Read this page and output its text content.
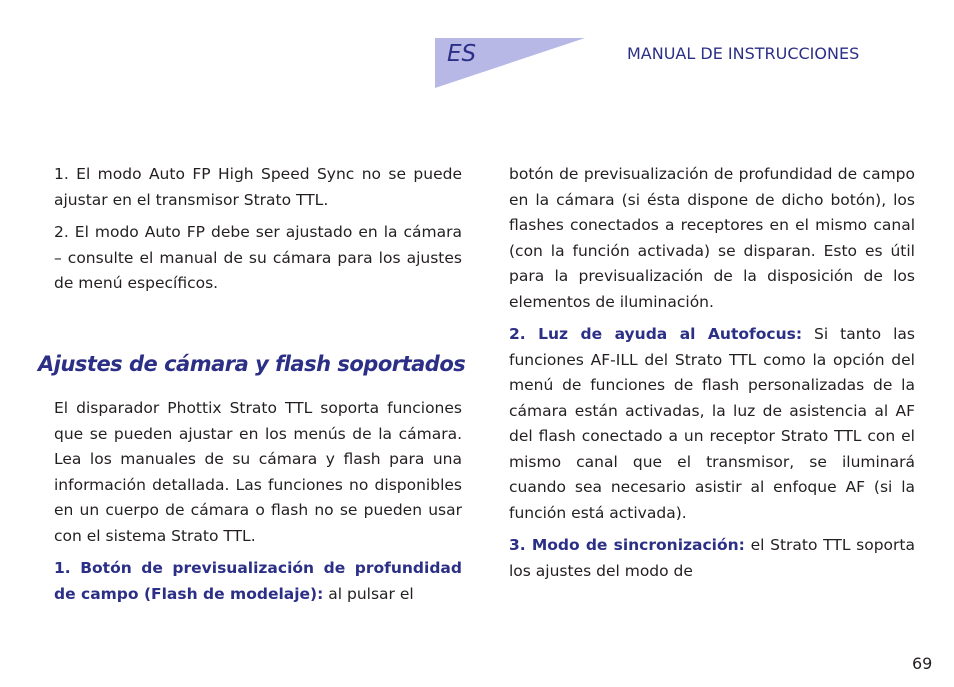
ES	MANUAL DE INSTRUCCIONES

1. El modo Auto FP High Speed Sync no se puede ajustar en el transmisor Strato TTL.

2. El modo Auto FP debe ser ajustado en la cámara – consulte el manual de su cámara para los ajustes de menú específicos.

Ajustes de cámara y flash soportados

El disparador Phottix Strato TTL soporta funciones que se pueden ajustar en los menús de la cámara. Lea los manuales de su cámara y flash para una información detallada. Las funciones no disponibles en un cuerpo de cámara o flash no se pueden usar con el sistema Strato TTL.

1. Botón de previsualización de profundidad de campo (Flash de modelaje): al pulsar el

botón de previsualización de profundidad de campo en la cámara (si ésta dispone de dicho botón), los flashes conectados a receptores en el mismo canal (con la función activada) se disparan. Esto es útil para la previsualización de la disposición de los elementos de iluminación.

2. Luz de ayuda al Autofocus: Si tanto las funciones AF-ILL del Strato TTL como la opción del menú de funciones de flash personalizadas de la cámara están activadas, la luz de asistencia al AF del flash conectado a un receptor Strato TTL con el mismo canal que el transmisor, se iluminará cuando sea necesario asistir al enfoque AF (si la función está activada).

3. Modo de sincronización: el Strato TTL soporta los ajustes del modo de

69
